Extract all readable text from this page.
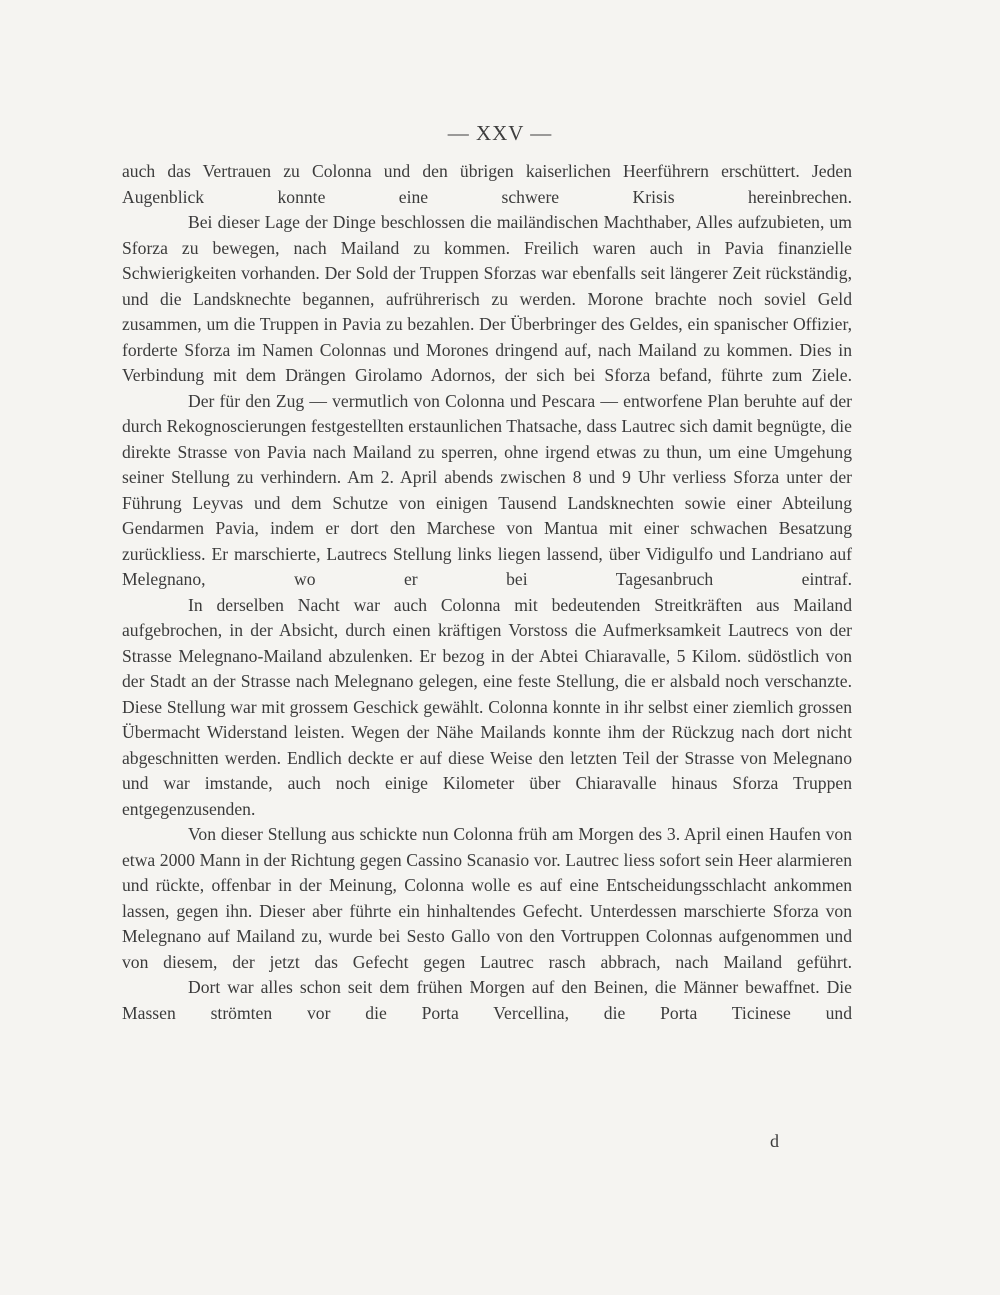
— XXV —

auch das Vertrauen zu Colonna und den übrigen kaiserlichen Heerführern erschüttert. Jeden Augenblick konnte eine schwere Krisis hereinbrechen.

Bei dieser Lage der Dinge beschlossen die mailändischen Machthaber, Alles aufzubieten, um Sforza zu bewegen, nach Mailand zu kommen. Freilich waren auch in Pavia finanzielle Schwierigkeiten vorhanden. Der Sold der Truppen Sforzas war ebenfalls seit längerer Zeit rückständig, und die Landsknechte begannen, aufrührerisch zu werden. Morone brachte noch soviel Geld zusammen, um die Truppen in Pavia zu bezahlen. Der Überbringer des Geldes, ein spanischer Offizier, forderte Sforza im Namen Colonnas und Morones dringend auf, nach Mailand zu kommen. Dies in Verbindung mit dem Drängen Girolamo Adornos, der sich bei Sforza befand, führte zum Ziele.

Der für den Zug — vermutlich von Colonna und Pescara — entworfene Plan beruhte auf der durch Rekognoscierungen festgestellten erstaunlichen Thatsache, dass Lautrec sich damit begnügte, die direkte Strasse von Pavia nach Mailand zu sperren, ohne irgend etwas zu thun, um eine Umgehung seiner Stellung zu verhindern. Am 2. April abends zwischen 8 und 9 Uhr verliess Sforza unter der Führung Leyvas und dem Schutze von einigen Tausend Landsknechten sowie einer Abteilung Gendarmen Pavia, indem er dort den Marchese von Mantua mit einer schwachen Besatzung zurückliess. Er marschierte, Lautrecs Stellung links liegen lassend, über Vidigulfo und Landriano auf Melegnano, wo er bei Tagesanbruch eintraf.

In derselben Nacht war auch Colonna mit bedeutenden Streitkräften aus Mailand aufgebrochen, in der Absicht, durch einen kräftigen Vorstoss die Aufmerksamkeit Lautrecs von der Strasse Melegnano-Mailand abzulenken. Er bezog in der Abtei Chiaravalle, 5 Kilom. südöstlich von der Stadt an der Strasse nach Melegnano gelegen, eine feste Stellung, die er alsbald noch verschanzte. Diese Stellung war mit grossem Geschick gewählt. Colonna konnte in ihr selbst einer ziemlich grossen Übermacht Widerstand leisten. Wegen der Nähe Mailands konnte ihm der Rückzug nach dort nicht abgeschnitten werden. Endlich deckte er auf diese Weise den letzten Teil der Strasse von Melegnano und war imstande, auch noch einige Kilometer über Chiaravalle hinaus Sforza Truppen entgegenzusenden.

Von dieser Stellung aus schickte nun Colonna früh am Morgen des 3. April einen Haufen von etwa 2000 Mann in der Richtung gegen Cassino Scanasio vor. Lautrec liess sofort sein Heer alarmieren und rückte, offenbar in der Meinung, Colonna wolle es auf eine Entscheidungsschlacht ankommen lassen, gegen ihn. Dieser aber führte ein hinhaltendes Gefecht. Unterdessen marschierte Sforza von Melegnano auf Mailand zu, wurde bei Sesto Gallo von den Vortruppen Colonnas aufgenommen und von diesem, der jetzt das Gefecht gegen Lautrec rasch abbrach, nach Mailand geführt.

Dort war alles schon seit dem frühen Morgen auf den Beinen, die Männer bewaffnet. Die Massen strömten vor die Porta Vercellina, die Porta Ticinese und

d
